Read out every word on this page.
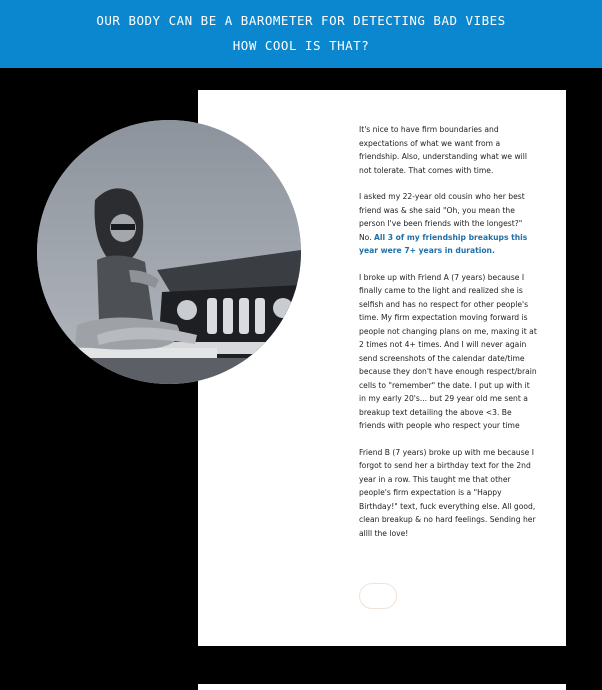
OUR BODY CAN BE A BAROMETER FOR DETECTING BAD VIBES
HOW COOL IS THAT?

It's nice to have firm boundaries and expectations of what we want from a friendship. Also, understanding what we will not tolerate. That comes with time.

I asked my 22-year old cousin who her best friend was & she said "Oh, you mean the person I've been friends with the longest?"
No. All 3 of my friendship breakups this year were 7+ years in duration.

I broke up with Friend A (7 years) because I finally came to the light and realized she is selfish and has no respect for other people's time. My firm expectation moving forward is people not changing plans on me, maxing it at 2 times not 4+ times. And I will never again send screenshots of the calendar date/time because they don't have enough respect/brain cells to "remember" the date. I put up with it in my early 20's... but 29 year old me sent a breakup text detailing the above <3. Be friends with people who respect your time

Friend B (7 years) broke up with me because I forgot to send her a birthday text for the 2nd year in a row. This taught me that other people's firm expectation is a "Happy Birthday!" text, fuck everything else. All good, clean breakup & no hard feelings. Sending her allll the love!
